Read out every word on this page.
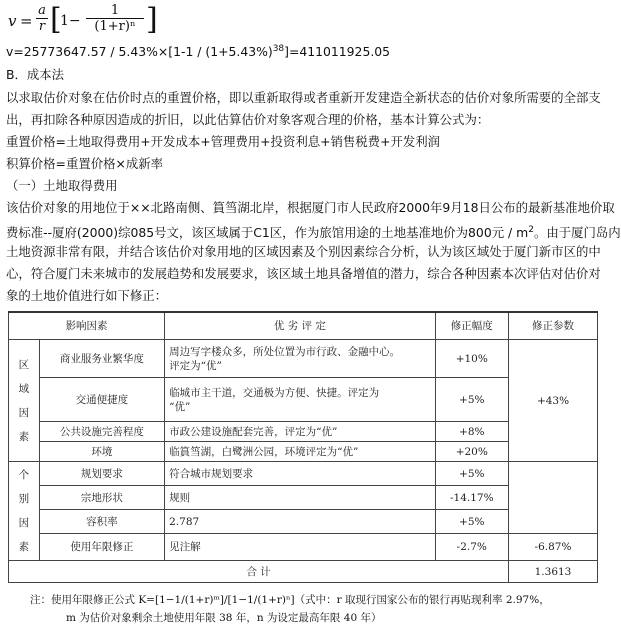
$v = \frac{a}{r}$ [
$1- \frac{1}{\text{(1+r)ⁿ}}$ ]
$v=25773647.57 / 5.43\%\times[1-1 / (1+5.43\%)^{38}]=411011925.05$
B．成本法
以求取估价对象在估价时点的重置价格，即以重新取得或者重新开发建造全新状态的估价对象所需要的全部支
出，再扣除各种原因造成的折旧，以此估算估价对象客观合理的价格，基本计算公式为：
重置价格=土地取得费用+开发成本+管理费用+投资利息+销售税费+开发利润
积算价格=重置价格×成新率
（一）土地取得费用
该估价对象的用地位于××北路南侧、篔筜湖北岸，根据厦门市人民政府2000年9月18日公布的最新基准地价取
费标准--厦府(2000)综085号文，该区域属于C1区，作为旅馆用途的土地基准地价为800元 / $m^2$。由于厦门岛内
土地资源非常有限，并结合该估价对象用地的区域因素及个别因素综合分析，认为该区域处于厦门新市区的中
心，符合厦门未来城市的发展趋势和发展要求，该区域土地具备增值的潜力，综合各种因素本次评估对估价对
象的土地价值进行如下修正：
影响因素		优 劣 评 定	修正幅度	修正参数
区
域
因
素	商业服务业繁华度	周边写字楼众多，所处位置为市行政、金融中心。
评定为“优”	+10%	+43%
	交通便捷度	临城市主干道，交通极为方便、快捷。评定为
“优”	+5%	
	公共设施完善程度	市政公建设施配套完善，评定为“优”	+8%	
	环境	临篔筜湖，白鹭洲公园，环境评定为“优”	+20%	
个
别
因
素	规划要求	符合城市规划要求	+5%	
	宗地形状	规则	-14.17%	
	容积率	2.787	+5%	
	使用年限修正	见注解	-2.7%	-6.87%
合 计				1.3613
注：使用年限修正公式 K=[1−1/(1+r)ᵐ]/[1−1/(1+r)ⁿ]（式中：r 取现行国家公布的银行再贴现利率 2.97%，
m 为估价对象剩余土地使用年限 38 年，n 为设定最高年限 40 年）
